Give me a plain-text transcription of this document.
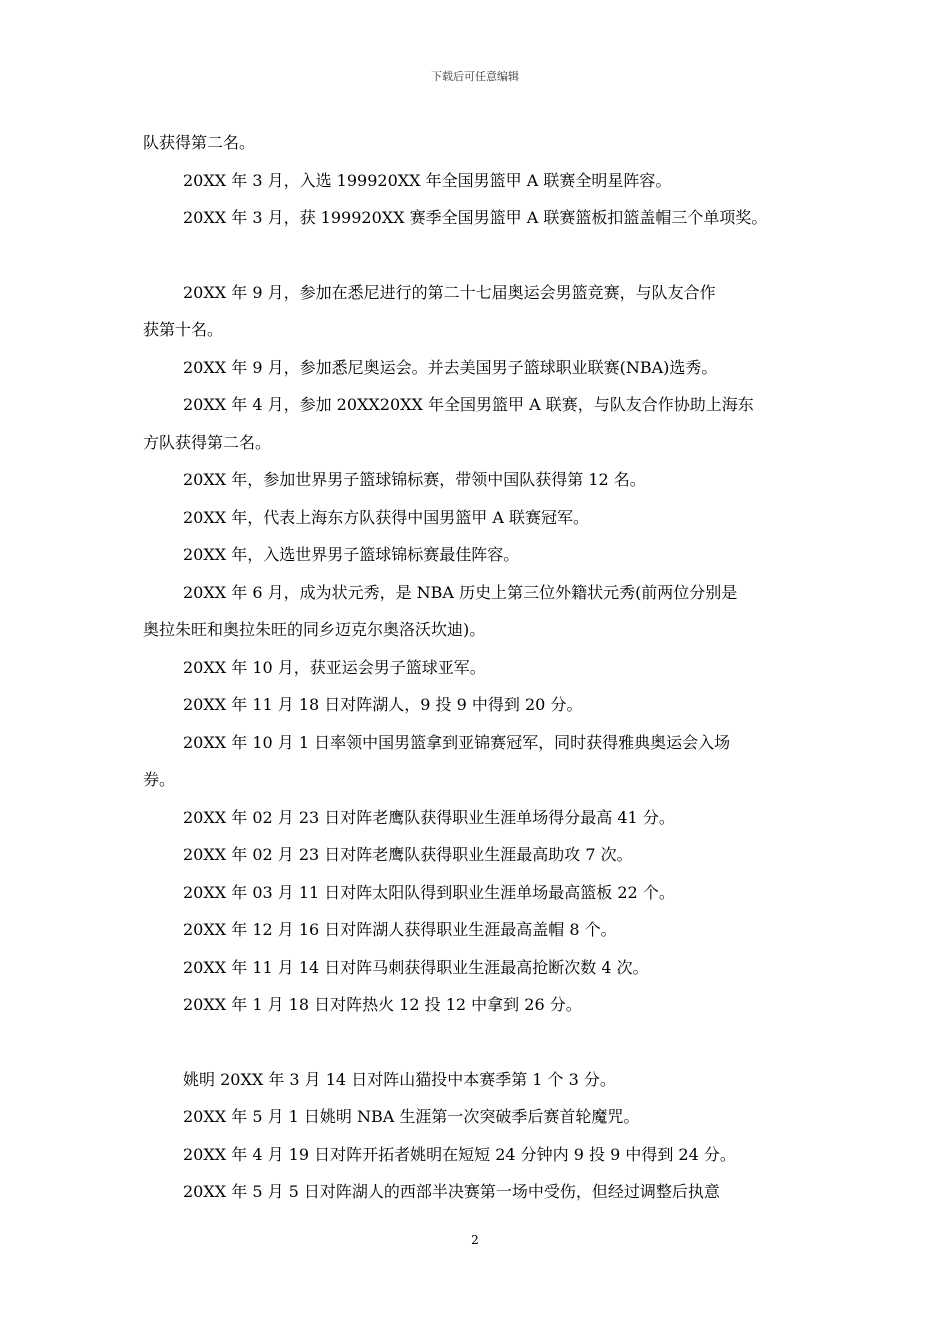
下载后可任意编辑

队获得第二名。

20XX 年 3 月，入选 199920XX 年全国男篮甲 A 联赛全明星阵容。

20XX 年 3 月，获 199920XX 赛季全国男篮甲 A 联赛篮板扣篮盖帽三个单项奖。

20XX 年 9 月，参加在悉尼进行的第二十七届奥运会男篮竞赛，与队友合作

获第十名。

20XX 年 9 月，参加悉尼奥运会。并去美国男子篮球职业联赛(NBA)选秀。

20XX 年 4 月，参加 20XX20XX 年全国男篮甲 A 联赛，与队友合作协助上海东

方队获得第二名。

20XX 年，参加世界男子篮球锦标赛，带领中国队获得第 12 名。

20XX 年，代表上海东方队获得中国男篮甲 A 联赛冠军。

20XX 年，入选世界男子篮球锦标赛最佳阵容。

20XX 年 6 月，成为状元秀，是 NBA 历史上第三位外籍状元秀(前两位分别是

奥拉朱旺和奥拉朱旺的同乡迈克尔奥洛沃坎迪)。

20XX 年 10 月，获亚运会男子篮球亚军。

20XX 年 11 月 18 日对阵湖人，9 投 9 中得到 20 分。

20XX 年 10 月 1 日率领中国男篮拿到亚锦赛冠军，同时获得雅典奥运会入场

券。

20XX 年 02 月 23 日对阵老鹰队获得职业生涯单场得分最高 41 分。

20XX 年 02 月 23 日对阵老鹰队获得职业生涯最高助攻 7 次。

20XX 年 03 月 11 日对阵太阳队得到职业生涯单场最高篮板 22 个。

20XX 年 12 月 16 日对阵湖人获得职业生涯最高盖帽 8 个。

20XX 年 11 月 14 日对阵马刺获得职业生涯最高抢断次数 4 次。

20XX 年 1 月 18 日对阵热火 12 投 12 中拿到 26 分。

姚明 20XX 年 3 月 14 日对阵山猫投中本赛季第 1 个 3 分。

20XX 年 5 月 1 日姚明 NBA 生涯第一次突破季后赛首轮魔咒。

20XX 年 4 月 19 日对阵开拓者姚明在短短 24 分钟内 9 投 9 中得到 24 分。

20XX 年 5 月 5 日对阵湖人的西部半决赛第一场中受伤，但经过调整后执意

2
